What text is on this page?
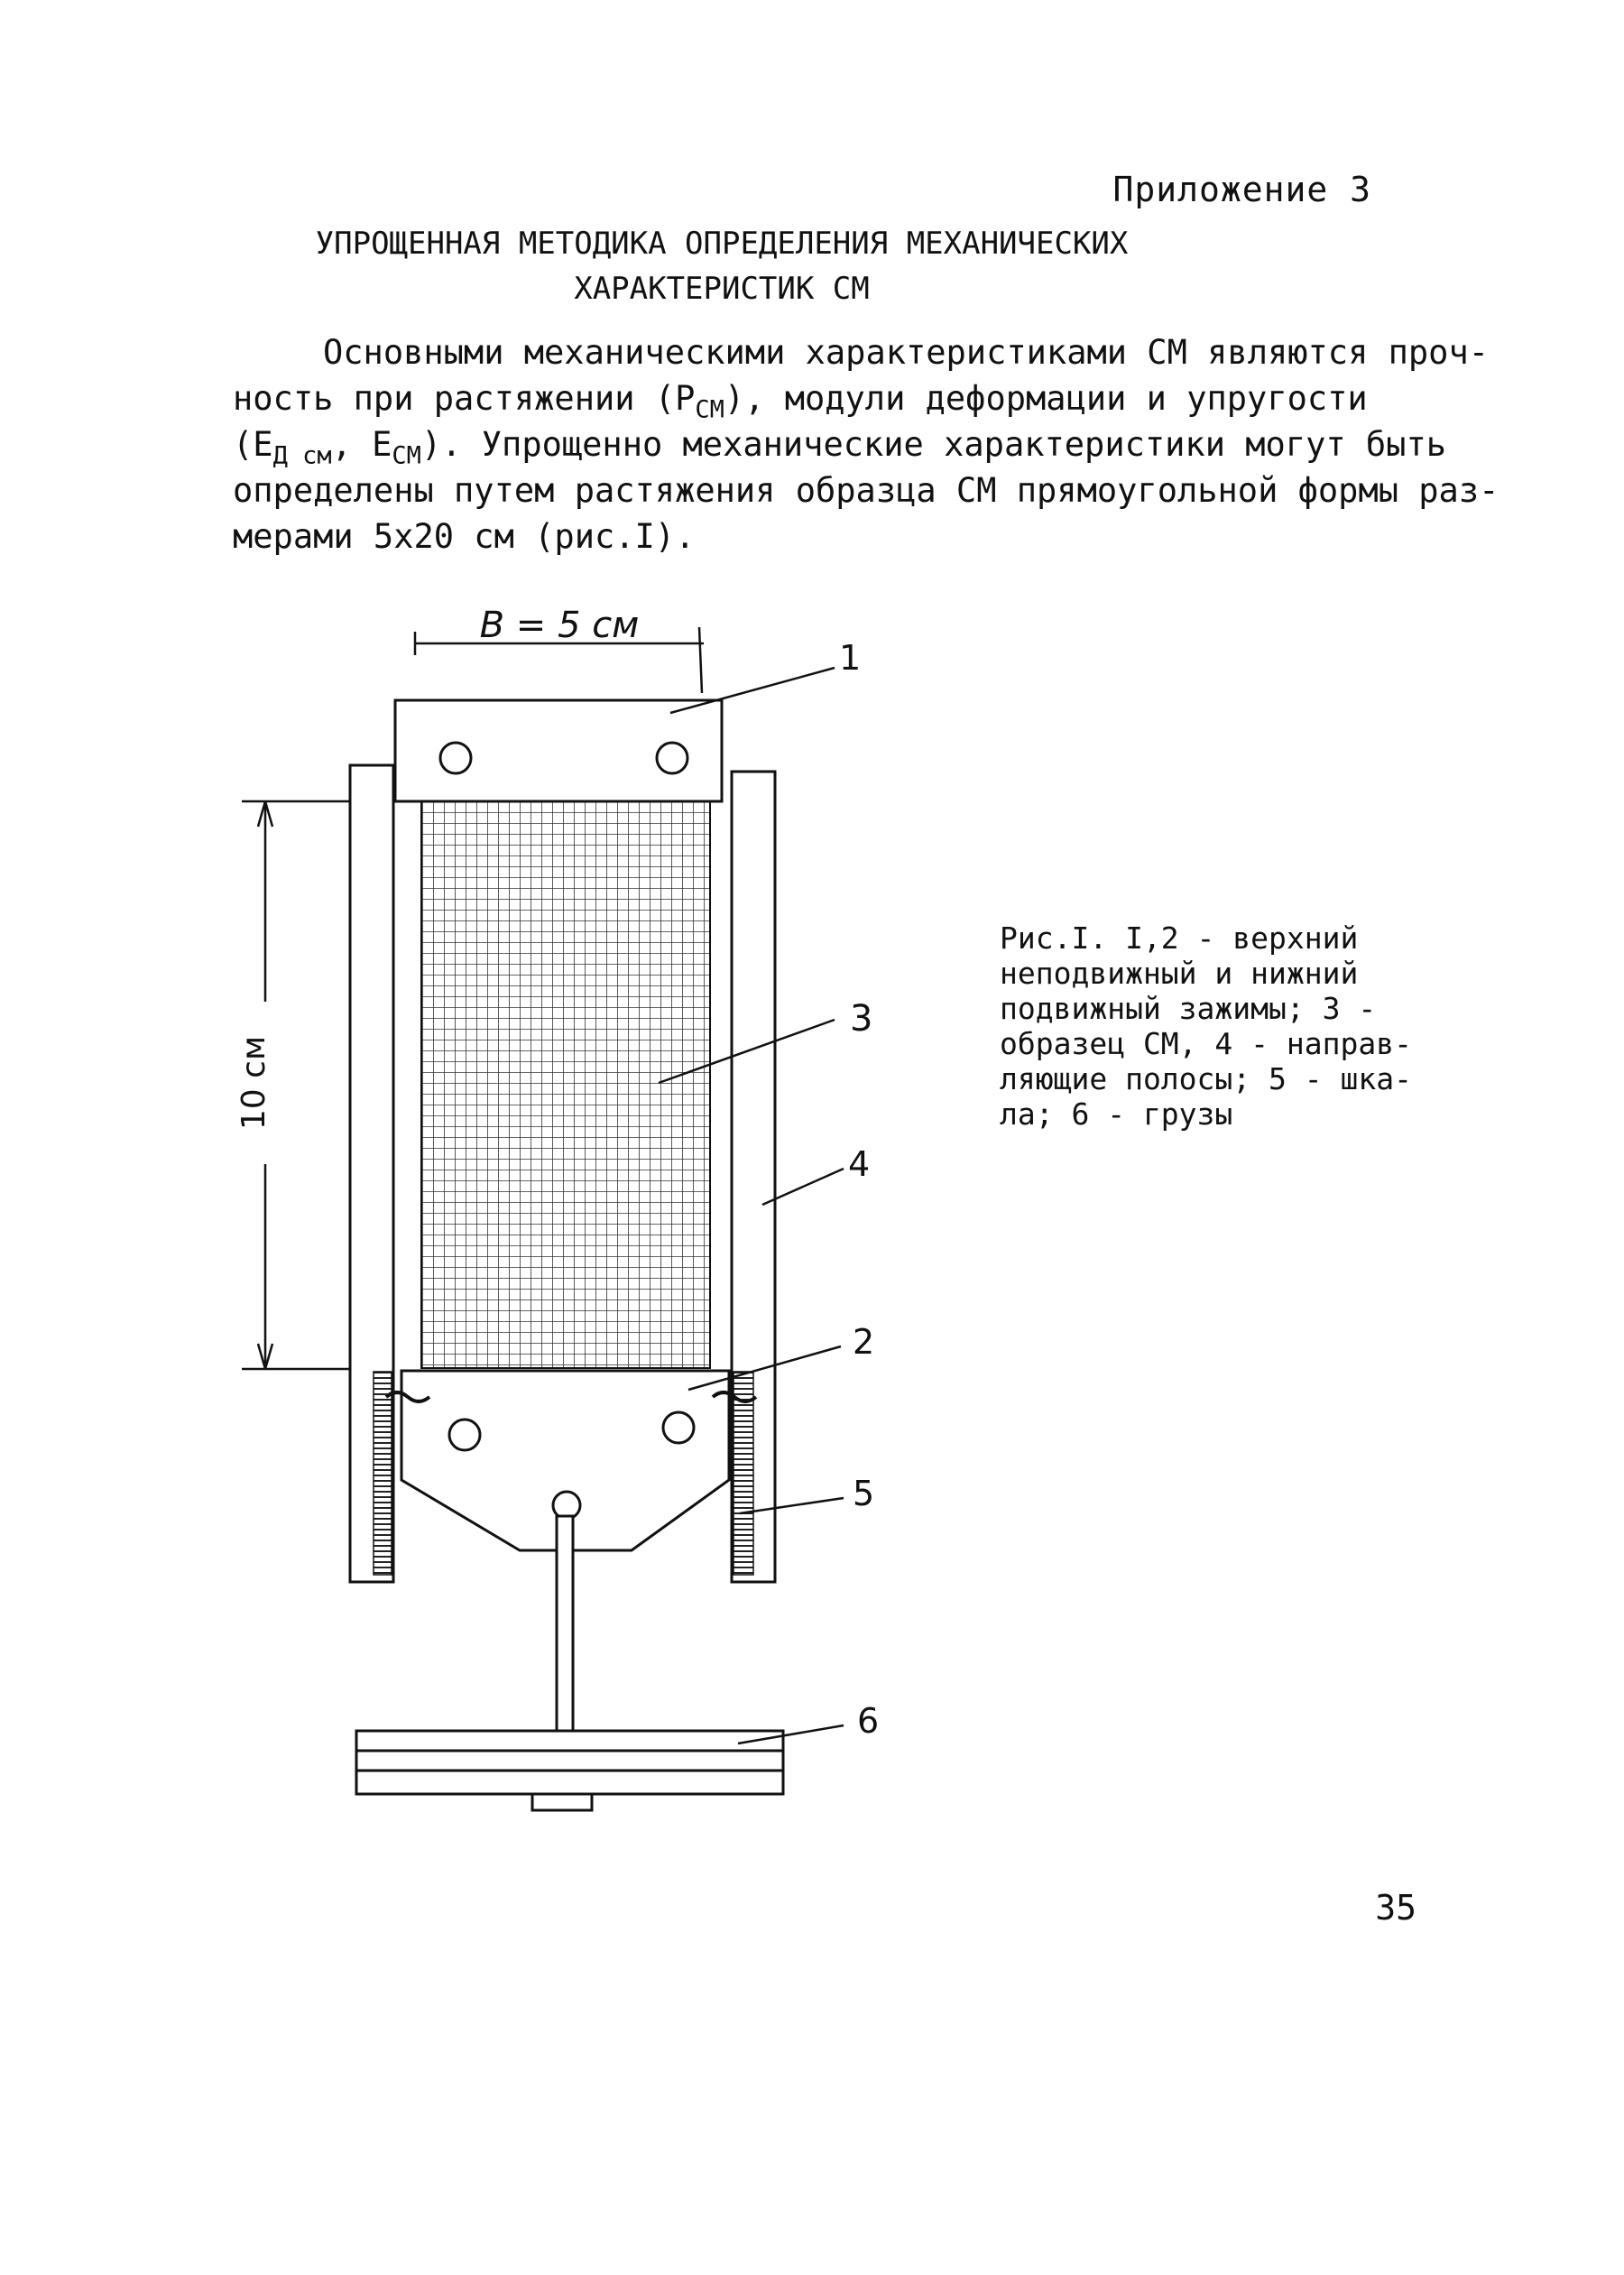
Приложение 3
УПРОЩЕННАЯ МЕТОДИКА ОПРЕДЕЛЕНИЯ МЕХАНИЧЕСКИХ
ХАРАКТЕРИСТИК СМ
Основными механическими характеристиками СМ являются проч-
ность при растяжении $(Р_{СМ})$, модули деформации и упругости
($Е_{Д см}$, $Е_{СМ}$). Упрощенно механические характеристики могут быть
определены путем растяжения образца СМ прямоугольной формы раз-
мерами 5х20 см (рис.I).
B = 5 см
10 см
1
3
4
2
5
6
Рис.I. I,2 - верхний
неподвижный и нижний
подвижный зажимы; 3 -
образец СМ, 4 - направ-
ляющие полосы; 5 - шка-
ла; 6 - грузы
35
